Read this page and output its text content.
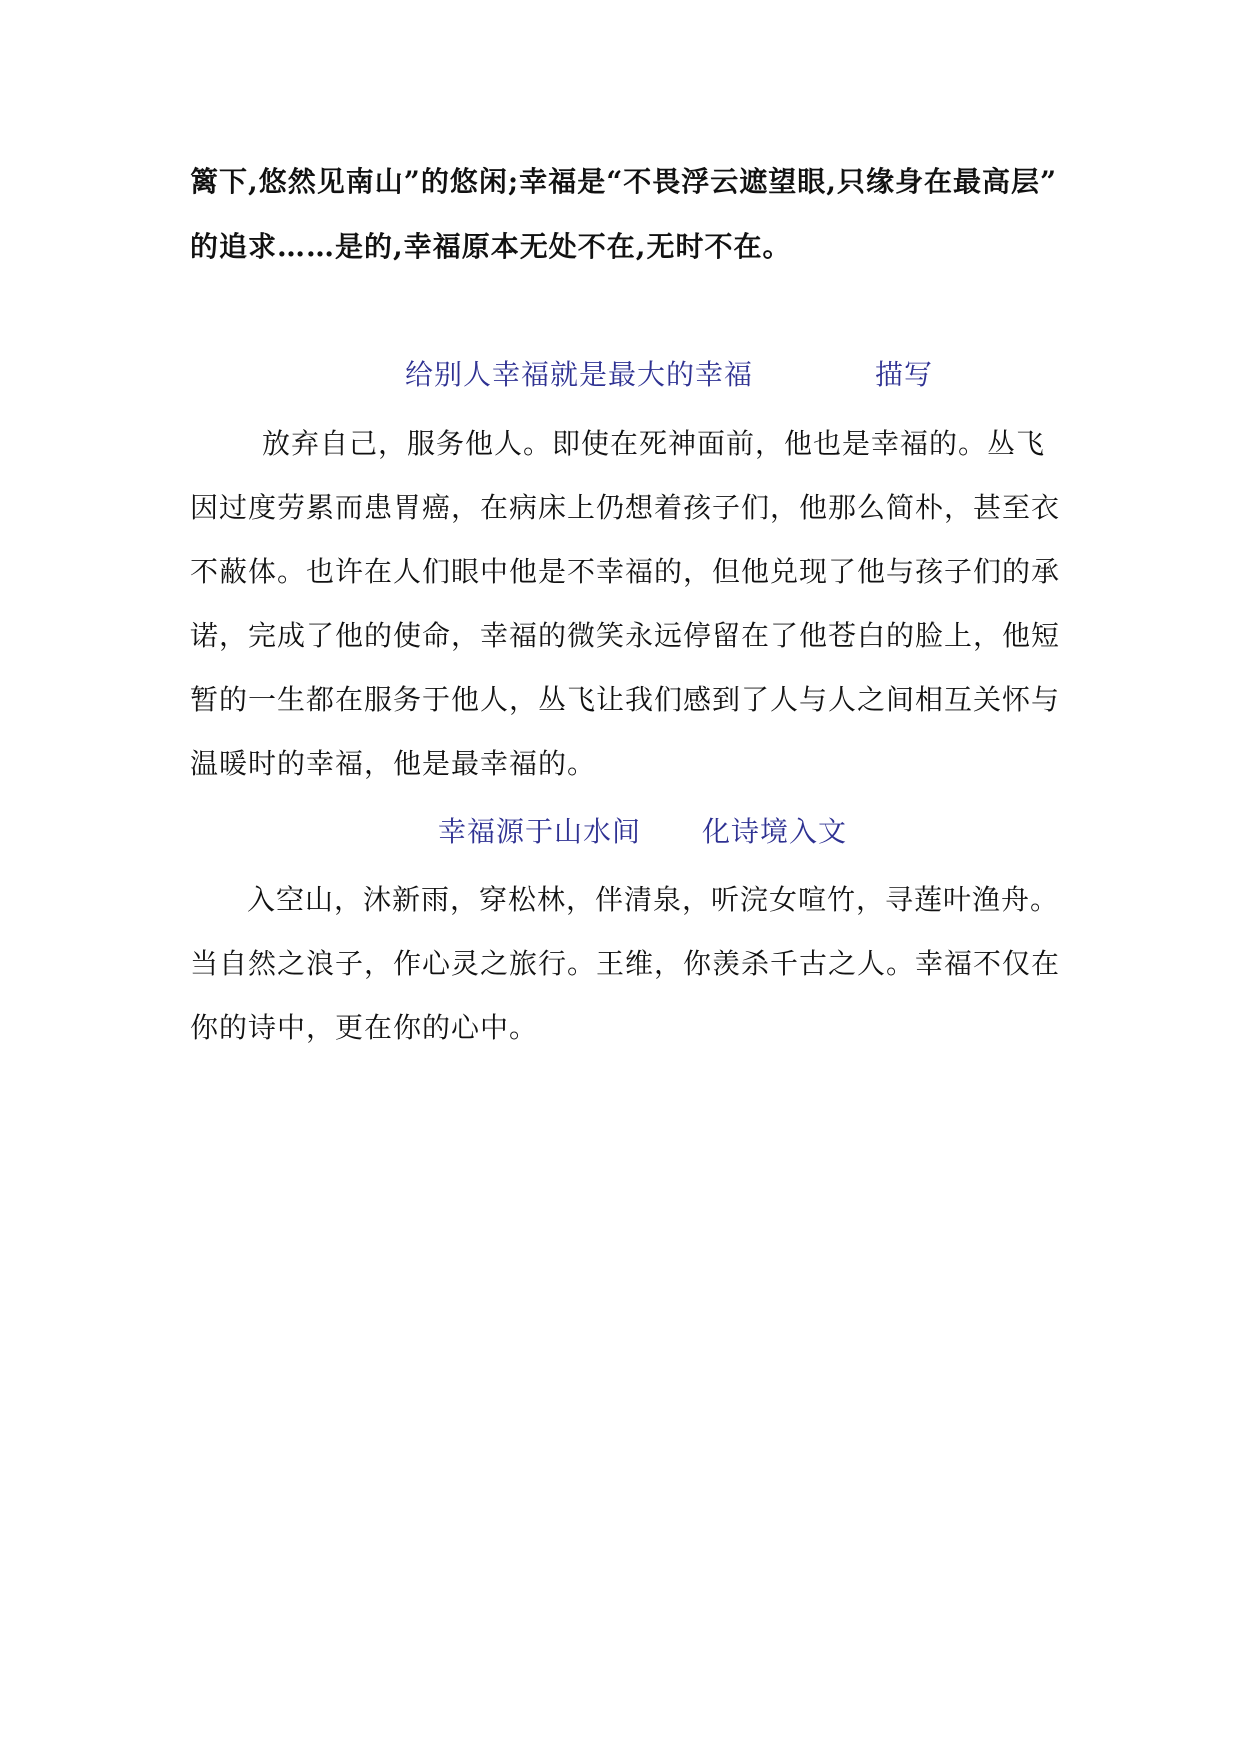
篱下,悠然见南山”的悠闲;幸福是“不畏浮云遮望眼,只缘身在最高层”
的追求……是的,幸福原本无处不在,无时不在。
给别人幸福就是最大的幸福	描写
放弃自己，服务他人。即使在死神面前，他也是幸福的。丛飞
因过度劳累而患胃癌，在病床上仍想着孩子们，他那么简朴，甚至衣
不蔽体。也许在人们眼中他是不幸福的，但他兑现了他与孩子们的承
诺，完成了他的使命，幸福的微笑永远停留在了他苍白的脸上，他短
暂的一生都在服务于他人，丛飞让我们感到了人与人之间相互关怀与
温暖时的幸福，他是最幸福的。
幸福源于山水间 化诗境入文
入空山，沐新雨，穿松林，伴清泉，听浣女喧竹，寻莲叶渔舟。
当自然之浪子，作心灵之旅行。王维，你羡杀千古之人。幸福不仅在
你的诗中，更在你的心中。
